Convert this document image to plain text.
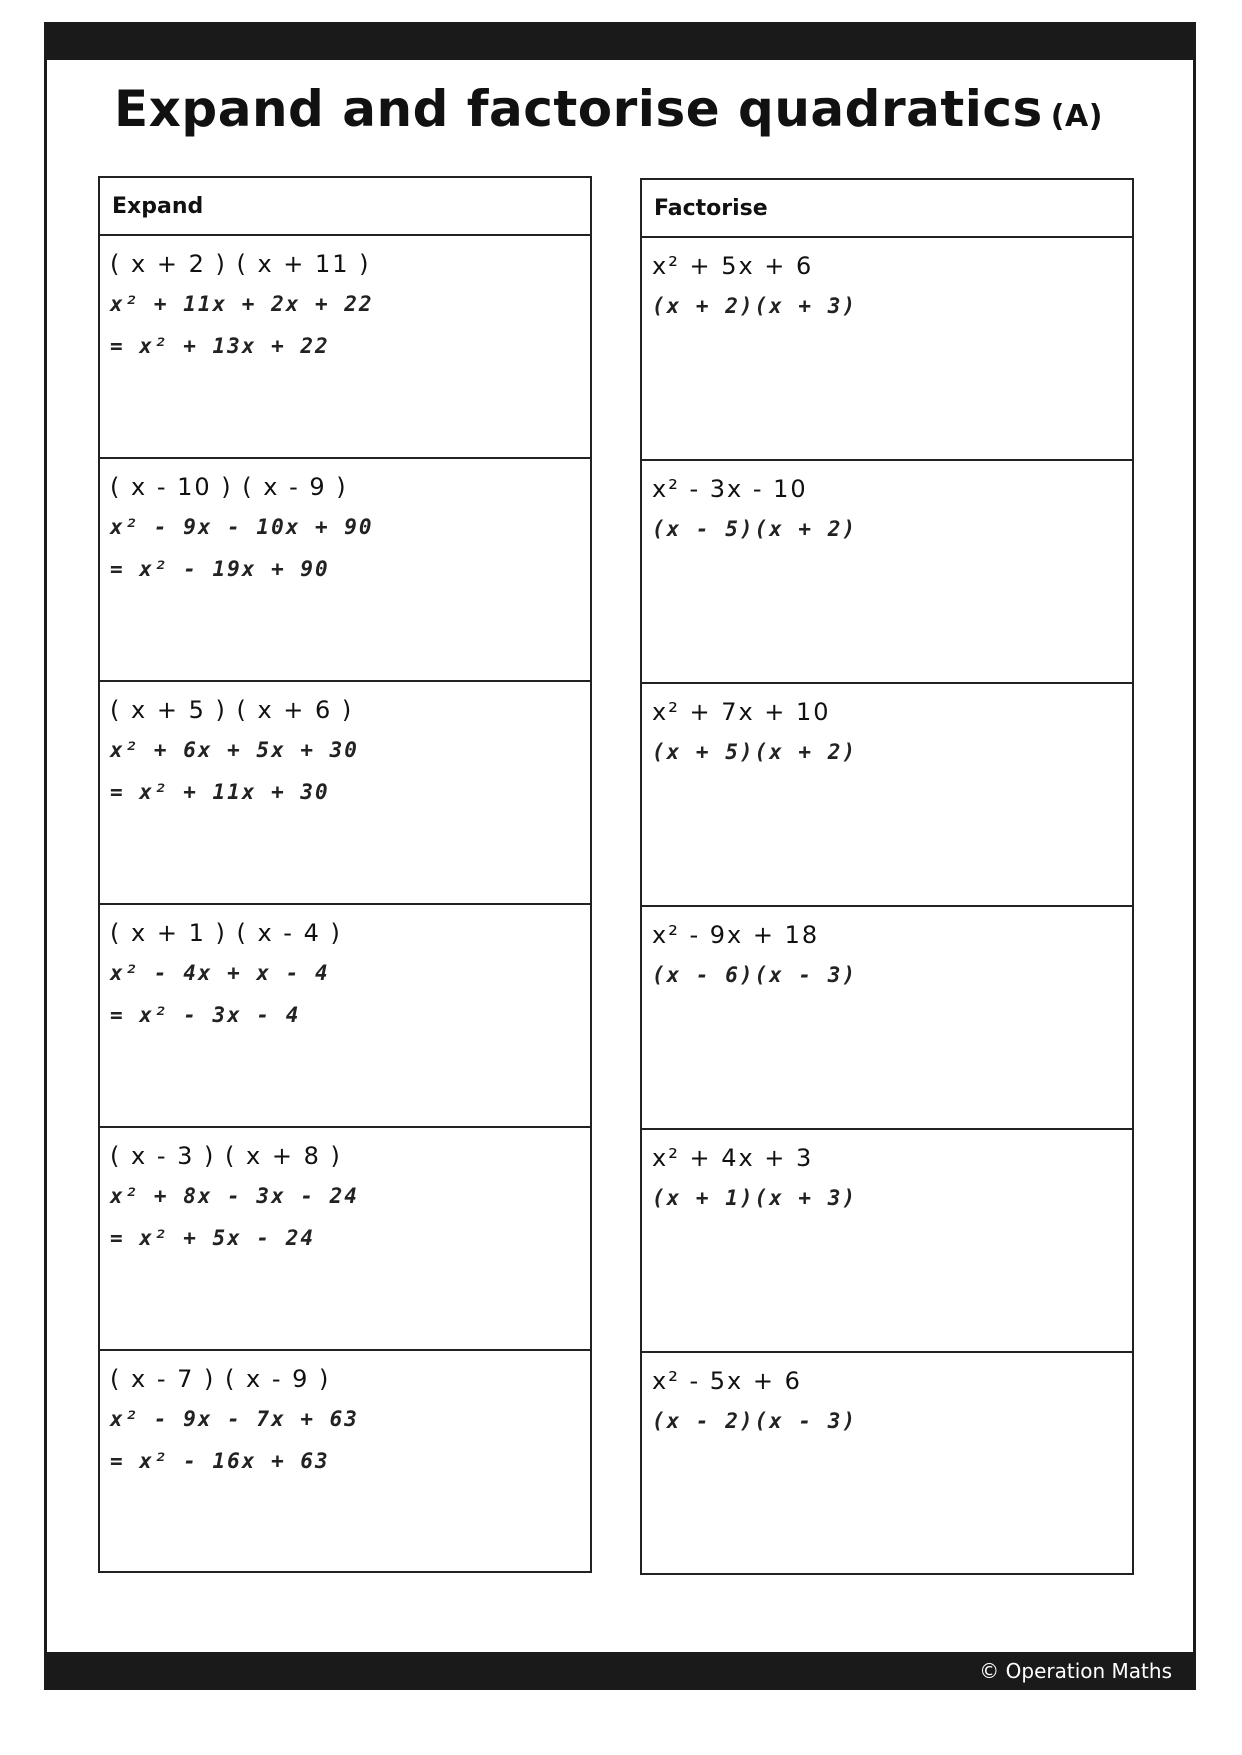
© Operation Maths
Expand and factorise quadratics (A)
Expand
( x + 2 ) ( x + 11 )
x² + 11x + 2x + 22
= x² + 13x + 22
( x - 10 ) ( x - 9 )
x² - 9x - 10x + 90
= x² - 19x + 90
( x + 5 ) ( x + 6 )
x² + 6x + 5x + 30
= x² + 11x + 30
( x + 1 ) ( x - 4 )
x² - 4x + x - 4
= x² - 3x - 4
( x - 3 ) ( x + 8 )
x² + 8x - 3x - 24
= x² + 5x - 24
( x - 7 ) ( x - 9 )
x² - 9x - 7x + 63
= x² - 16x + 63
Factorise
x² + 5x + 6
(x + 2)(x + 3)
x² - 3x - 10
(x - 5)(x + 2)
x² + 7x + 10
(x + 5)(x + 2)
x² - 9x + 18
(x - 6)(x - 3)
x² + 4x + 3
(x + 1)(x + 3)
x² - 5x + 6
(x - 2)(x - 3)
